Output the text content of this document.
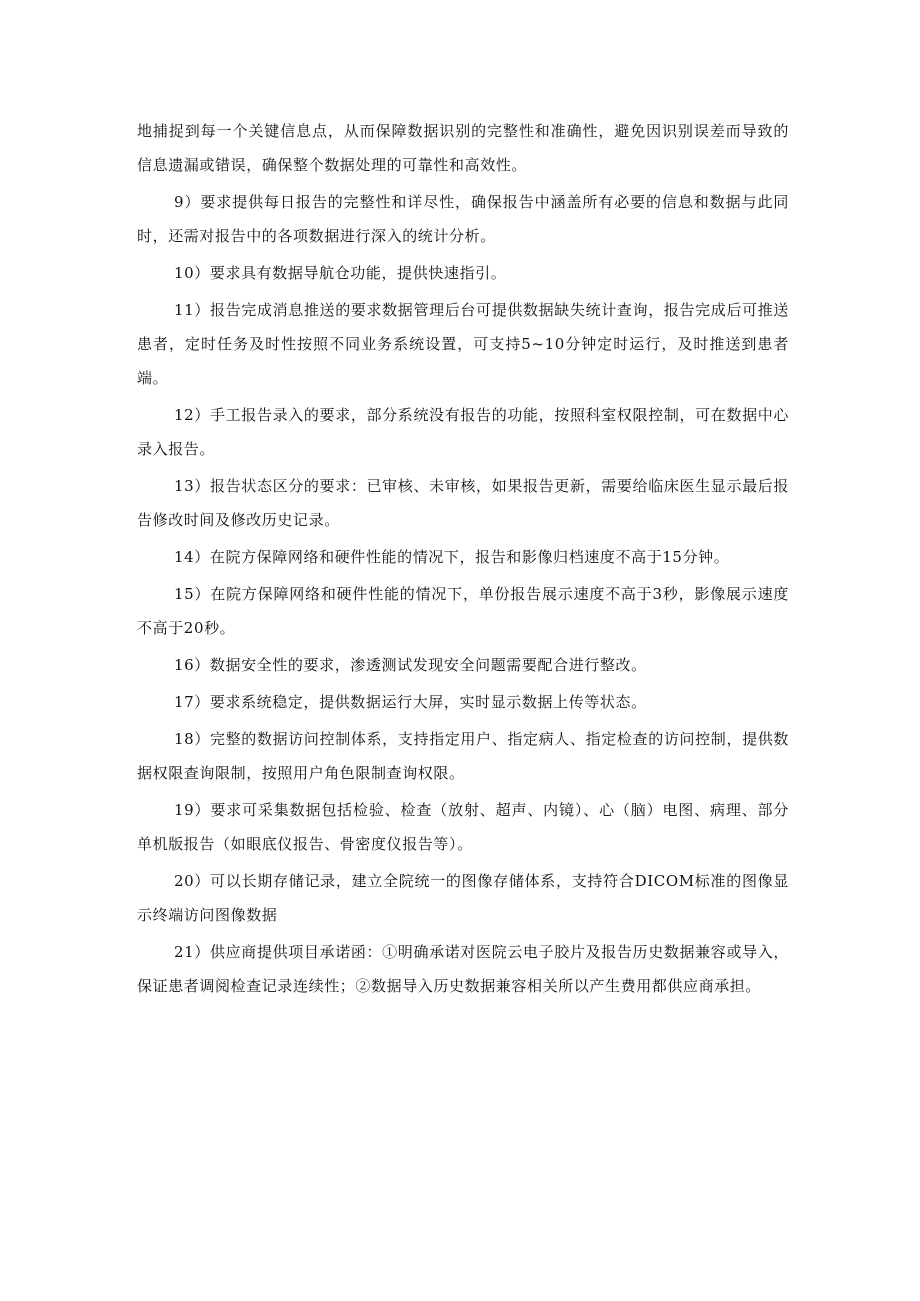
地捕捉到每一个关键信息点，从而保障数据识别的完整性和准确性，避免因识别误差而导致的信息遗漏或错误，确保整个数据处理的可靠性和高效性。

9）要求提供每日报告的完整性和详尽性，确保报告中涵盖所有必要的信息和数据与此同时，还需对报告中的各项数据进行深入的统计分析。

10）要求具有数据导航仓功能，提供快速指引。

11）报告完成消息推送的要求数据管理后台可提供数据缺失统计查询，报告完成后可推送患者，定时任务及时性按照不同业务系统设置，可支持5~10分钟定时运行，及时推送到患者端。

12）手工报告录入的要求，部分系统没有报告的功能，按照科室权限控制，可在数据中心录入报告。

13）报告状态区分的要求：已审核、未审核，如果报告更新，需要给临床医生显示最后报告修改时间及修改历史记录。

14）在院方保障网络和硬件性能的情况下，报告和影像归档速度不高于15分钟。

15）在院方保障网络和硬件性能的情况下，单份报告展示速度不高于3秒，影像展示速度不高于20秒。

16）数据安全性的要求，渗透测试发现安全问题需要配合进行整改。

17）要求系统稳定，提供数据运行大屏，实时显示数据上传等状态。

18）完整的数据访问控制体系，支持指定用户、指定病人、指定检查的访问控制，提供数据权限查询限制，按照用户角色限制查询权限。

19）要求可采集数据包括检验、检查（放射、超声、内镜）、心（脑）电图、病理、部分单机版报告（如眼底仪报告、骨密度仪报告等）。

20）可以长期存储记录，建立全院统一的图像存储体系，支持符合DICOM标准的图像显示终端访问图像数据

21）供应商提供项目承诺函：①明确承诺对医院云电子胶片及报告历史数据兼容或导入，保证患者调阅检查记录连续性；②数据导入历史数据兼容相关所以产生费用都供应商承担。
